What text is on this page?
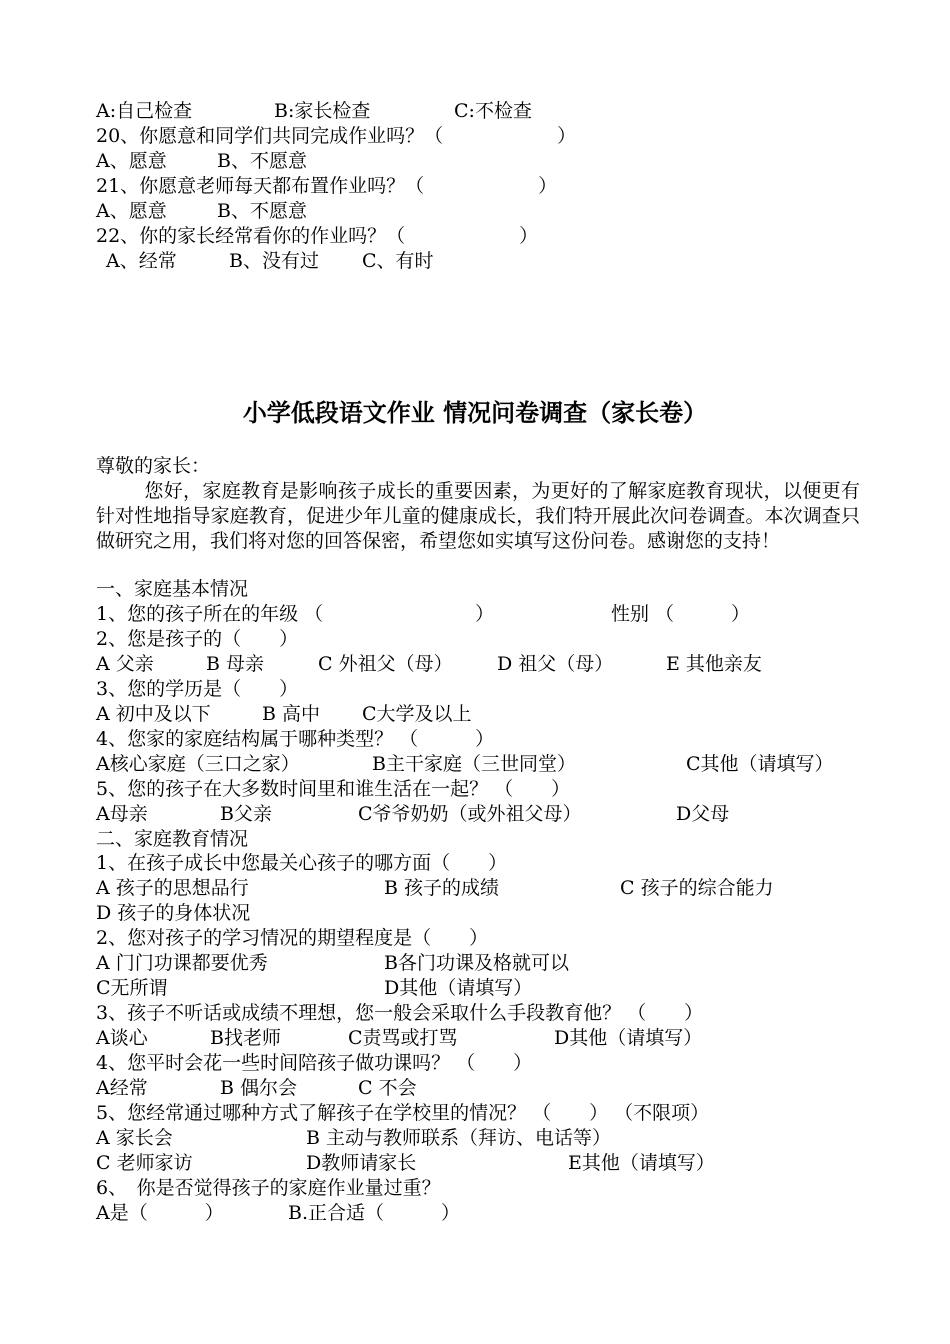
A:自己检查

	B:家长检查

	C:不检查

20、你愿意和同学们共同完成作业吗？（　　　　　　）

A、愿意

	B、不愿意

21、你愿意老师每天都布置作业吗？（　　　　　　）

A、愿意

	B、不愿意

22、你的家长经常看你的作业吗？（　　　　　　）

A、经常

	B、没有过

C、有时

小学低段语文作业 情况问卷调查（家长卷）
尊敬的家长：
您好，家庭教育是影响孩子成长的重要因素，为更好的了解家庭教育现状，以便更有针对性地指导家庭教育，促进少年儿童的健康成长，我们特开展此次问卷调查。本次调查只做研究之用，我们将对您的回答保密，希望您如实填写这份问卷。感谢您的支持！
一、家庭基本情况

1、您的孩子所在的年级 （　　　　　　　　）

	性别 （　　　）

2、您是孩子的（　　）

A 父亲

	B 母亲

	C 外祖父（母）

D 祖父（母）

	E 其他亲友

3、您的学历是（　　）

A 初中及以下

	B 高中

C大学及以上

4、您家的家庭结构属于哪种类型？ （　　　）

A核心家庭（三口之家）

	B主干家庭（三世同堂）

	C其他（请填写）

5、您的孩子在大多数时间里和谁生活在一起？ （　　）

A母亲

	B父亲

	C爷爷奶奶（或外祖父母）

	D父母

二、家庭教育情况
1、在孩子成长中您最关心孩子的哪方面（　　）

A 孩子的思想品行

	B 孩子的成绩

	C 孩子的综合能力

D 孩子的身体状况

2、您对孩子的学习情况的期望程度是（　　）

A 门门功课都要优秀

	B各门功课及格就可以

C无所谓

	D其他（请填写）

3、孩子不听话或成绩不理想，您一般会采取什么手段教育他？ （　　）

A谈心

	B找老师

	C责骂或打骂

	D其他（请填写）

4、您平时会花一些时间陪孩子做功课吗？ （　　）

A经常

	B 偶尔会

	C 不会

5、您经常通过哪种方式了解孩子在学校里的情况？ （　　） （不限项）

A 家长会

	B 主动与教师联系（拜访、电话等）

C 老师家访

	D教师请家长

	E其他（请填写）

6、　你是否觉得孩子的家庭作业量过重？

A是（　　　）

	B.正合适（　　　）
